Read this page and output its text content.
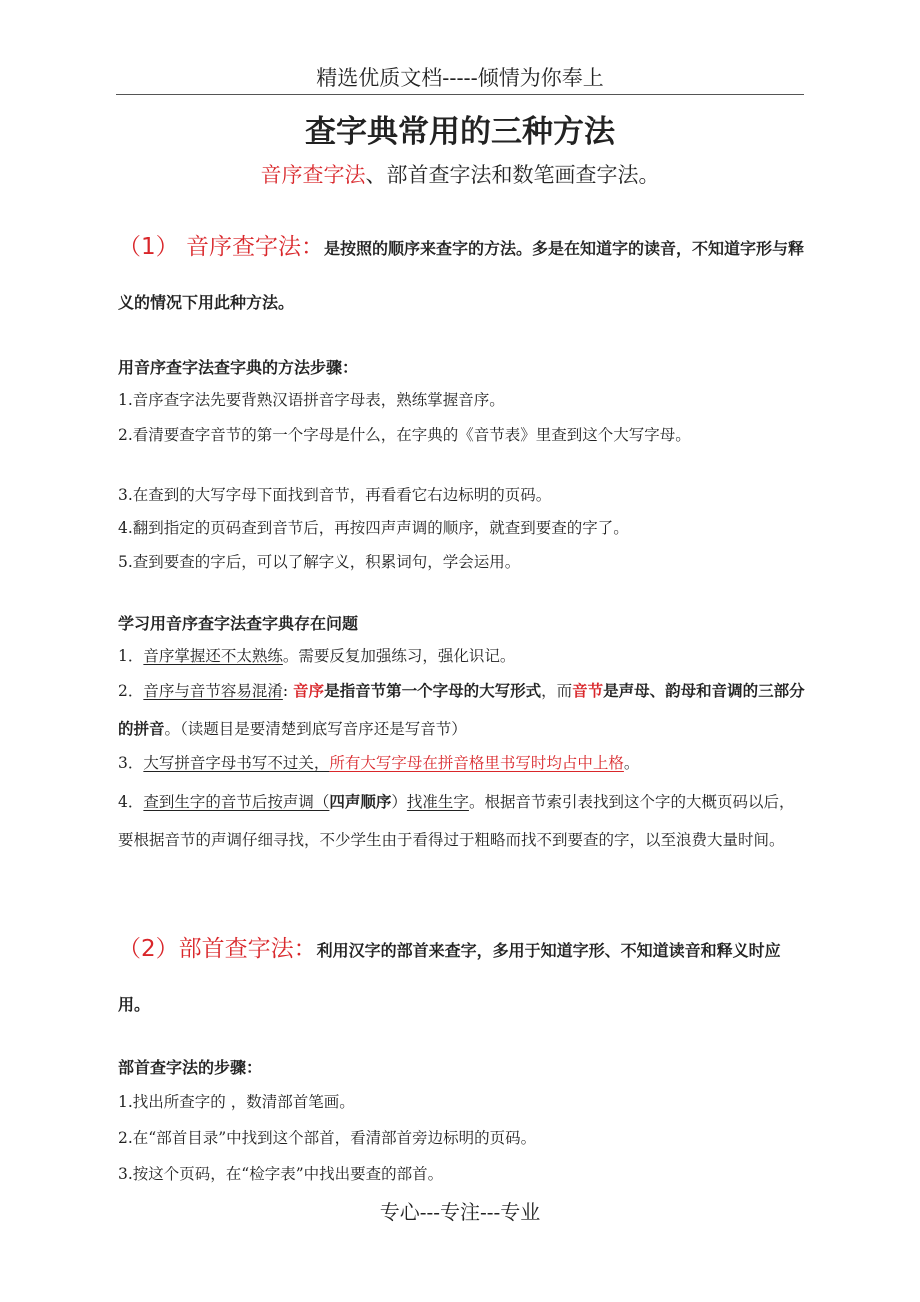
精选优质文档-----倾情为你奉上
查字典常用的三种方法
音序查字法、部首查字法和数笔画查字法。
（1） 音序查字法：是按照的顺序来查字的方法。多是在知道字的读音，不知道字形与释义的情况下用此种方法。
用音序查字法查字典的方法步骤：
1.音序查字法先要背熟汉语拼音字母表，熟练掌握音序。
2.看清要查字音节的第一个字母是什么，在字典的《音节表》里查到这个大写字母。
3.在查到的大写字母下面找到音节，再看看它右边标明的页码。
4.翻到指定的页码查到音节后，再按四声声调的顺序，就查到要查的字了。
5.查到要查的字后，可以了解字义，积累词句，学会运用。
学习用音序查字法查字典存在问题
1．音序掌握还不太熟练。需要反复加强练习，强化识记。
2．音序与音节容易混淆: 音序是指音节第一个字母的大写形式，而音节是声母、韵母和音调的三部分的拼音。（读题目是要清楚到底写音序还是写音节）
3．大写拼音字母书写不过关，所有大写字母在拼音格里书写时均占中上格。
4．查到生字的音节后按声调（四声顺序）找准生字。根据音节索引表找到这个字的大概页码以后，要根据音节的声调仔细寻找，不少学生由于看得过于粗略而找不到要查的字，以至浪费大量时间。
（2）部首查字法：利用汉字的部首来查字，多用于知道字形、不知道读音和释义时应用。
部首查字法的步骤：
1.找出所查字的 ，数清部首笔画。
2.在“部首目录”中找到这个部首，看清部首旁边标明的页码。
3.按这个页码，在“检字表”中找出要查的部首。
专心---专注---专业
